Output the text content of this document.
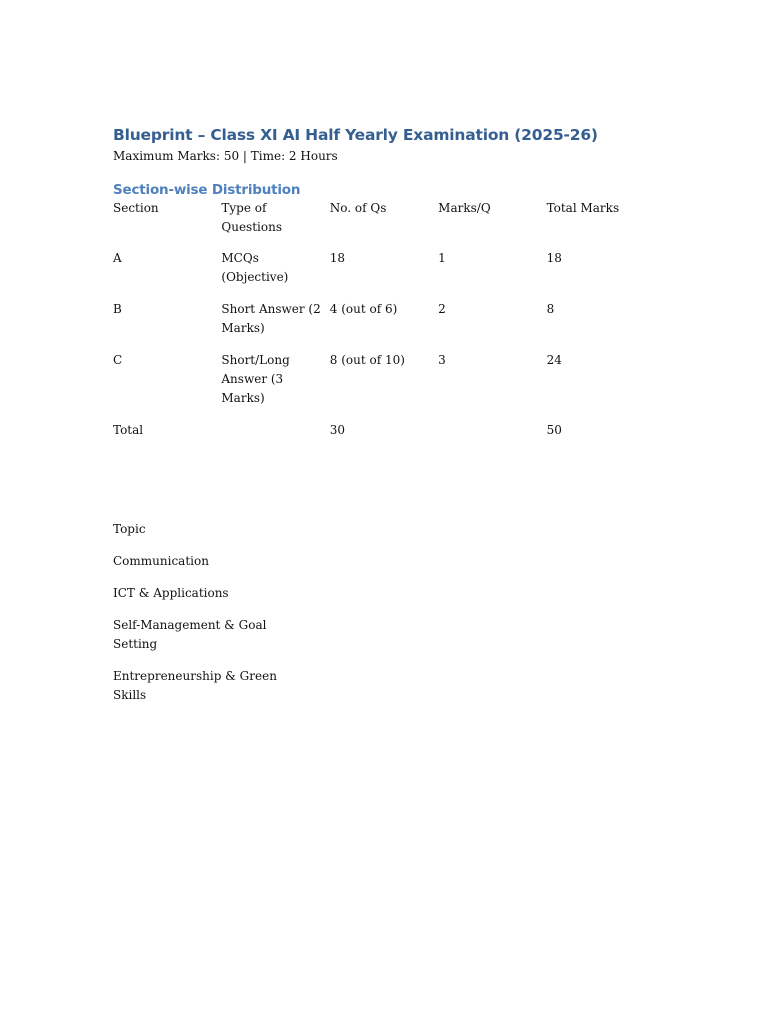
Blueprint – Class XI AI Half Yearly Examination (2025-26)

Maximum Marks: 50 | Time: 2 Hours

Section-wise Distribution
Section	Type of Questions	No. of Qs	Marks/Q	Total Marks
A	MCQs (Objective)	18	1	18
B	Short Answer (2 Marks)	4 (out of 6)	2	8
C	Short/Long Answer (3 Marks)	8 (out of 10)	3	24
Total		30		50
Topic
Communication
ICT & Applications
Self-Management & Goal Setting
Entrepreneurship & Green Skills
